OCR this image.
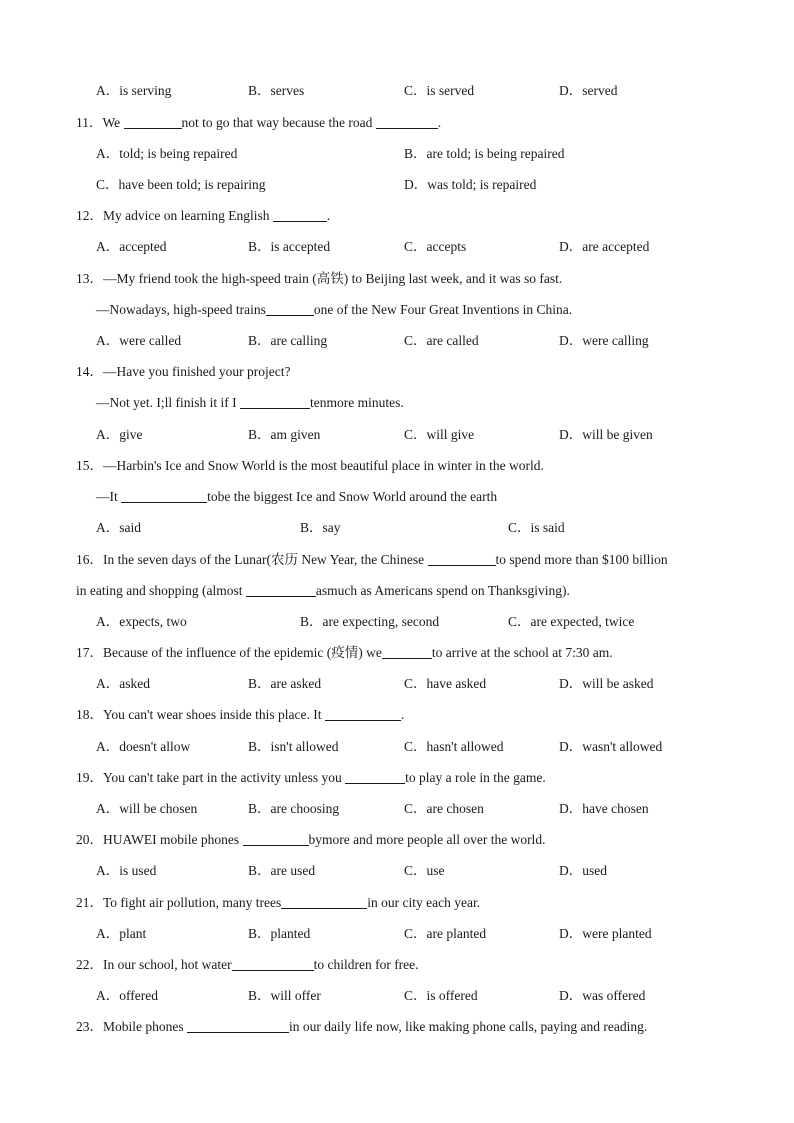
A．is serving	B．serves	C．is served	D．served
11．We	not to go that way because the road	.
A．told; is being repaired	B．are told; is being repaired
C．have been told; is repairing	D．was told; is repaired
12．My advice on learning English	.
A．accepted	B．is accepted	C．accepts	D．are accepted
13．—My friend took the high-speed train (高铁) to Beijing last week, and it was so fast.
—Nowadays, high-speed trains	one of the New Four Great Inventions in China.
A．were called	B．are calling	C．are called	D．were calling
14．—Have you finished your project?
—Not yet. I;ll finish it if I	tenmore minutes.
A．give	B．am given	C．will give	D．will be given
15．—Harbin's Ice and Snow World is the most beautiful place in winter in the world.
—It	tobe the biggest Ice and Snow World around the earth
A．said	B．say	C．is said
16．In the seven days of the Lunar(农历 New Year, the Chinese	to spend more than $100 billion
in eating and shopping (almost	asmuch as Americans spend on Thanksgiving).
A．expects, two	B．are expecting, second	C．are expected, twice
17．Because of the influence of the epidemic (疫情) we	to arrive at the school at 7:30 am.
A．asked	B．are asked	C．have asked	D．will be asked
18．You can't wear shoes inside this place. It	.
A．doesn't allow	B．isn't allowed	C．hasn't allowed	D．wasn't allowed
19．You can't take part in the activity unless you	to play a role in the game.
A．will be chosen	B．are choosing	C．are chosen	D．have chosen
20．HUAWEI mobile phones	bymore and more people all over the world.
A．is used	B．are used	C．use	D．used
21．To fight air pollution, many trees	in our city each year.
A．plant	B．planted	C．are planted	D．were planted
22．In our school, hot water	to children for free.
A．offered	B．will offer	C．is offered	D．was offered
23．Mobile phones	in our daily life now, like making phone calls, paying and reading.
